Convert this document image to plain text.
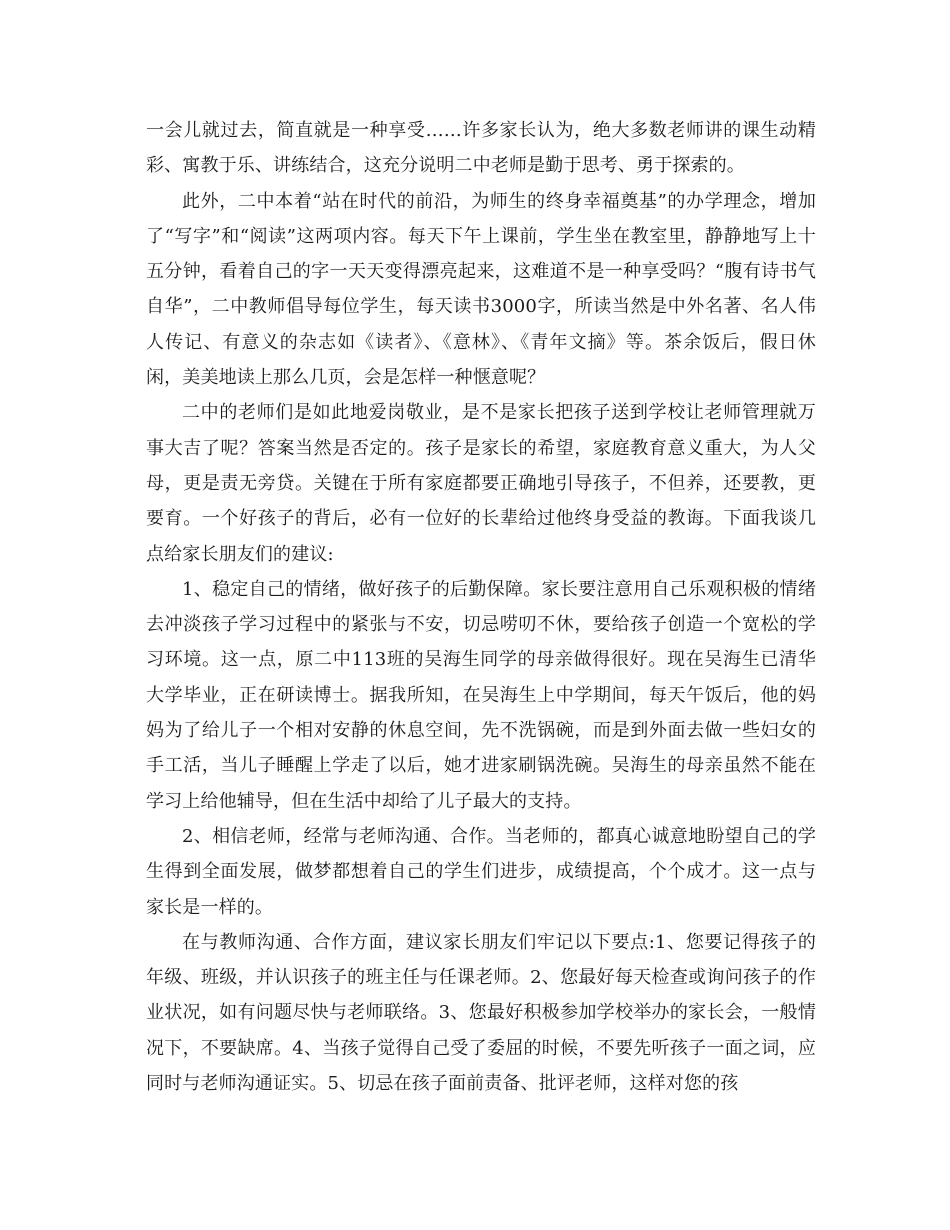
一会儿就过去，简直就是一种享受……许多家长认为，绝大多数老师讲的课生动精彩、寓教于乐、讲练结合，这充分说明二中老师是勤于思考、勇于探索的。

此外，二中本着“站在时代的前沿，为师生的终身幸福奠基”的办学理念，增加了“写字”和“阅读”这两项内容。每天下午上课前，学生坐在教室里，静静地写上十五分钟，看着自己的字一天天变得漂亮起来，这难道不是一种享受吗？“腹有诗书气自华”，二中教师倡导每位学生，每天读书3000字，所读当然是中外名著、名人伟人传记、有意义的杂志如《读者》、《意林》、《青年文摘》等。茶余饭后，假日休闲，美美地读上那么几页，会是怎样一种惬意呢？

二中的老师们是如此地爱岗敬业，是不是家长把孩子送到学校让老师管理就万事大吉了呢？答案当然是否定的。孩子是家长的希望，家庭教育意义重大，为人父母，更是责无旁贷。关键在于所有家庭都要正确地引导孩子，不但养，还要教，更要育。一个好孩子的背后，必有一位好的长辈给过他终身受益的教诲。下面我谈几点给家长朋友们的建议:

1、稳定自己的情绪，做好孩子的后勤保障。家长要注意用自己乐观积极的情绪去冲淡孩子学习过程中的紧张与不安，切忌唠叨不休，要给孩子创造一个宽松的学习环境。这一点，原二中113班的吴海生同学的母亲做得很好。现在吴海生已清华大学毕业，正在研读博士。据我所知，在吴海生上中学期间，每天午饭后，他的妈妈为了给儿子一个相对安静的休息空间，先不洗锅碗，而是到外面去做一些妇女的手工活，当儿子睡醒上学走了以后，她才进家刷锅洗碗。吴海生的母亲虽然不能在学习上给他辅导，但在生活中却给了儿子最大的支持。

2、相信老师，经常与老师沟通、合作。当老师的，都真心诚意地盼望自己的学生得到全面发展，做梦都想着自己的学生们进步，成绩提高，个个成才。这一点与家长是一样的。

在与教师沟通、合作方面，建议家长朋友们牢记以下要点:1、您要记得孩子的年级、班级，并认识孩子的班主任与任课老师。2、您最好每天检查或询问孩子的作业状况，如有问题尽快与老师联络。3、您最好积极参加学校举办的家长会，一般情况下，不要缺席。4、当孩子觉得自己受了委屈的时候，不要先听孩子一面之词，应同时与老师沟通证实。5、切忌在孩子面前责备、批评老师，这样对您的孩
